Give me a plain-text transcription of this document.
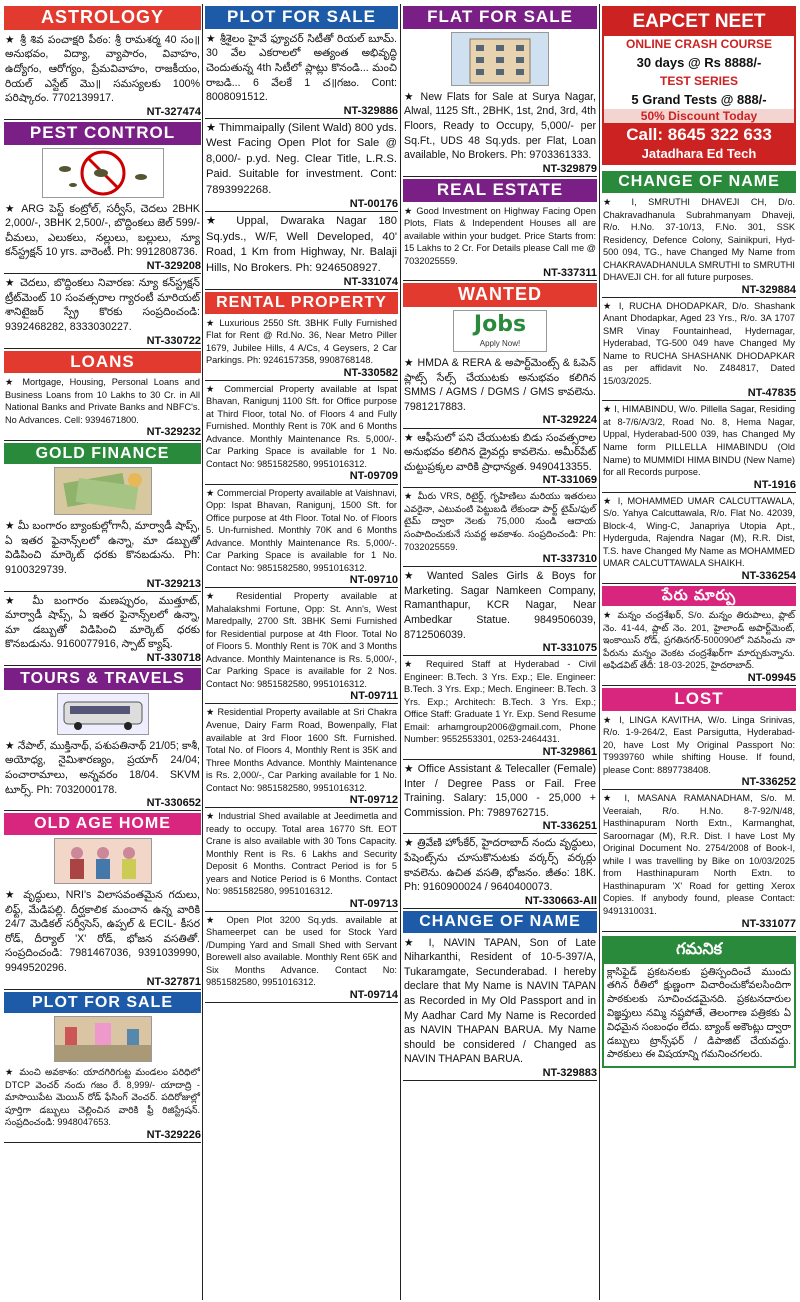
ASTROLOGY
★ శ్రీ శివ పంచాక్షరి పీఠం: శ్రీ రామశర్మ 40 సం॥ అనుభవం, విద్యా, వ్యాపారం, వివాహం, ఉద్యోగం, ఆరోగ్యం, ప్రేమవివాహం, రాజకీయం, రియల్ ఎస్టేట్ మొ॥ సమస్యలకు 100% పరిష్కారం. 7702139917.
NT-327474
PEST CONTROL
★ ARG పెస్ట్ కంట్రోల్, సర్వీస్, చెదలు 2BHK 2,000/-, 3BHK 2,500/-, బొద్దింకలు జెల్ 599/- చీమలు, ఎలుకలు, నల్లులు, బల్లులు, న్యూ కన్‌స్ట్రక్షన్ 10 yrs. వారెంటీ. Ph: 9912808736.
NT-329208
★ చెదలు, బొద్దింకలు నివారణ: న్యూ కన్‌స్ట్రక్షన్ ట్రీట్‌మెంట్ 10 సంవత్సరాల గ్యారంటీ మారియట్ శానిటైజర్ స్ప్రే కొరకు సంప్రదించండి: 9392468282, 8333030227.
NT-330722
LOANS
★ Mortgage, Housing, Personal Loans and Business Loans from 10 Lakhs to 30 Cr. in All National Banks and Private Banks and NBFC's. No Advances. Cell: 9394671800.
NT-329232
GOLD FINANCE
★ మీ బంగారం బ్యాంకుల్లోగానీ, మార్వాడీ షాప్స్, ఏ ఇతర ఫైనాన్స్‌లలో ఉన్నా, మా డబ్బుతో విడిపించి మార్కెట్ ధరకు కొనబడును. Ph: 9100329739.
NT-329213
★ మీ బంగారం మణప్పురం, ముత్తూట్, మార్వాడీ షాప్స్, ఏ ఇతర ఫైనాన్స్‌లలో ఉన్నా, మా డబ్బుతో విడిపించి మార్కెట్ ధరకు కొనబడును. 9160077916, స్పాట్ క్యాష్.
NT-330718
TOURS & TRAVELS
★ నేపాల్, ముక్తినాథ్, పశుపతినాథ్ 21/05; కాశీ, అయోధ్య, నైమిశారణ్యం, ప్రయాగ్ 24/04; పంచారామాలు, అన్నవరం 18/04. SKVM టూర్స్. Ph: 7032000178.
NT-330652
OLD AGE HOME
★ వృద్ధులు, NRI's విలాసవంతమైన గదులు, లిఫ్ట్, మేడిపల్లి. దీర్ఘకాలిక మంచాన ఉన్న వారికి 24/7 మెడికల్ సర్వీసెస్, ఉప్పల్ & ECIL- కీసర రోడ్, దీర్యాల్ 'X' రోడ్, భోజన వసతితో. సంప్రదించండి: 7981467036, 9391039990, 9949520296.
NT-327871
PLOT FOR SALE
★ మంచి అవకాశం: యాదగిరిగుట్ట మండలం పరిధిలో DTCP వెంచర్ నందు గజం రే. 8,999/- యాదాద్రి - మాసాయిపేట మెయిన్ రోడ్ ఫేసింగ్ వెంచర్. పదిరోజుల్లో పూర్తిగా డబ్బులు చెల్లించిన వారికి ఫ్రీ రిజిస్ట్రేషన్. సంప్రదించండి: 9948047653.
NT-329226
PLOT FOR SALE
★ శ్రీశైలం హైవే ఫ్యూచర్ సిటీతో రియల్ బూమ్. 30 వేల ఎకరాలలో అత్యంత అభివృద్ధి చెందుతున్న 4th సిటీలో ప్లాట్లు కొనండి... మంచి రాబడి... 6 వేలకే 1 చ॥గజం. Cont: 8008091512.
NT-329886
★ Thimmaipally (Silent Wald) 800 yds. West Facing Open Plot for Sale @ 8,000/- p.yd. Neg. Clear Title, L.R.S. Paid. Suitable for investment. Cont: 7893992268.
NT-00176
★ Uppal, Dwaraka Nagar 180 Sq.yds., W/F, Well Developed, 40' Road, 1 Km from Highway, Nr. Balaji Hills, No Brokers. Ph: 9246508927.
NT-331074
RENTAL PROPERTY
★ Luxurious 2550 Sft. 3BHK Fully Furnished Flat for Rent @ Rd.No. 36, Near Metro Piller 1679, Jubilee Hills, 4 A/Cs, 4 Geysers, 2 Car Parkings. Ph: 9246157358, 9908768148.
NT-330582
★ Commercial Property available at Ispat Bhavan, Ranigunj 1100 Sft. for Office purpose at Third Floor, total No. of Floors 4 and Fully Furnished. Monthly Rent is 70K and 6 Months Advance. Monthly Maintenance Rs. 5,000/-. Car Parking Space is available for 1 No. Contact No: 9851582580, 9951016312.
NT-09709
★ Commercial Property available at Vaishnavi, Opp: Ispat Bhavan, Ranigunj, 1500 Sft. for Office purpose at 4th Floor. Total No. of Floors 5. Un-furnished. Monthly 70K and 6 Months Advance. Monthly Maintenance Rs. 5,000/-. Car Parking Space is available for 1 No. Contact No: 9851582580, 9951016312.
NT-09710
★ Residential Property available at Mahalakshmi Fortune, Opp: St. Ann's, West Maredpally, 2700 Sft. 3BHK Semi Furnished for Residential purpose at 4th Floor. Total No of Floors 5. Monthly Rent is 70K and 3 Months Advance. Monthly Maintenance is Rs. 5,000/-, Car Parking Space is available for 2 Nos. Contact No: 9851582580, 9951016312.
NT-09711
★ Residential Property available at Sri Chakra Avenue, Dairy Farm Road, Bowenpally, Flat available at 3rd Floor 1600 Sft. Furnished. Total No. of Floors 4, Monthly Rent is 35K and Three Months Advance. Monthly Maintenance is Rs. 2,000/-, Car Parking available for 1 No. Contact No: 9851582580, 9951016312.
NT-09712
★ Industrial Shed available at Jeedimetla and ready to occupy. Total area 16770 Sft. EOT Crane is also available with 30 Tons Capacity. Monthly Rent is Rs. 6 Lakhs and Security Deposit 6 Months. Contract Period is for 5 years and Notice Period is 6 Months. Contact No: 9851582580, 9951016312.
NT-09713
★ Open Plot 3200 Sq.yds. available at Shameerpet can be used for Stock Yard /Dumping Yard and Small Shed with Servant Borewell also available. Monthly Rent 65K and Six Months Advance. Contact No: 9851582580, 9951016312.
NT-09714
FLAT FOR SALE
★ New Flats for Sale at Surya Nagar, Alwal, 1125 Sft., 2BHK, 1st, 2nd, 3rd, 4th Floors, Ready to Occupy, 5,000/- per Sq.Ft., UDS 48 Sq.yds. per Flat, Loan available, No Brokers. Ph: 9703361333.
NT-329879
REAL ESTATE
★ Good Investment on Highway Facing Open Plots, Flats & Independent Houses all are available within your budget. Price Starts from: 15 Lakhs to 2 Cr. For Details please Call me @ 7032025559.
NT-337311
WANTED
Jobs
Apply Now!
★ HMDA & RERA & అపార్ట్‌మెంట్స్ & ఓపెన్ ప్లాట్స్ సేల్స్ చేయుటకు అనుభవం కలిగిన SMMS / AGMS / DGMS / GMS కావలెను. 7981217883.
NT-329224
★ ఆఫీసులో పని చేయుటకు బిడు సంవత్సరాల అనుభవం కలిగిన డ్రైవర్లు కావలెను. అమీర్‌పేట్ చుట్టుప్రక్కల వారికి ప్రాధాన్యత. 9490413355.
NT-331069
★ మీరు VRS, రిటైర్డ్, గృహిణిలు మరియు ఇతరులు ఎవరైనా, ఎటువంటి పెట్టుబడి లేకుండా పార్ట్ టైమ్/ఫుల్ టైమ్ ద్వారా నెలకు 75,000 నుండి ఆదాయ సంపాదించుకునే సువర్ణ అవకాశం. సంప్రదించండి: Ph: 7032025559.
NT-337310
★ Wanted Sales Girls & Boys for Marketing. Sagar Namkeen Company, Ramanthapur, KCR Nagar, Near Ambedkar Statue. 9849506039, 8712506039.
NT-331075
★ Required Staff at Hyderabad - Civil Engineer: B.Tech. 3 Yrs. Exp.; Ele. Engineer: B.Tech. 3 Yrs. Exp.; Mech. Engineer: B.Tech. 3 Yrs. Exp.; Architech: B.Tech. 3 Yrs. Exp.; Office Staff: Graduate 1 Yr. Exp. Send Resume Email: arhamgroup2006@gmail.com, Phone Number: 9552553301, 0253-2464431.
NT-329861
★ Office Assistant & Telecaller (Female) Inter / Degree Pass or Fail. Free Training. Salary: 15,000 - 25,000 + Commission. Ph: 7989762715.
NT-336251
★ త్రివేణి హోంకేర్, హైదరాబాద్ నందు వృద్ధులు, పేషెంట్స్‌ను చూసుకొనుటకు వర్కర్స్ వర్కర్లు కావలెను. ఉచిత వసతి, భోజనం. జీతం: 18K. Ph: 9160900024 / 9640400073.
NT-330663-All
CHANGE OF NAME
★ I, NAVIN TAPAN, Son of Late Niharkanthi, Resident of 10-5-397/A, Tukaramgate, Secunderabad. I hereby declare that My Name is NAVIN TAPAN as Recorded in My Old Passport and in My Aadhar Card My Name is Recorded as NAVIN THAPAN BARUA. My Name should be considered / Changed as NAVIN THAPAN BARUA.
NT-329883
EAPCET NEET
ONLINE CRASH COURSE
30 days @ Rs 8888/-
TEST SERIES
5 Grand Tests @ 888/-
50% Discount Today
Call: 8645 322 633
Jatadhara Ed Tech
CHANGE OF NAME
★ I, SMRUTHI DHAVEJI CH, D/o. Chakravadhanula Subrahmanyam Dhaveji, R/o. H.No. 37-10/13, F.No. 301, SSK Residency, Defence Colony, Sainikpuri, Hyd-500 094, TG., have Changed My Name from CHAKRAVADHANULA SMRUTHI to SMRUTHI DHAVEJI CH. for all future purposes.
NT-329884
★ I, RUCHA DHODAPKAR, D/o. Shashank Anant Dhodapkar, Aged 23 Yrs., R/o. 3A 1707 SMR Vinay Fountainhead, Hydernagar, Hyderabad, TG-500 049 have Changed My Name to RUCHA SHASHANK DHODAPKAR as per affidavit No. Z484817, Dated 15/03/2025.
NT-47835
★ I, HIMABINDU, W/o. Pillella Sagar, Residing at 8-7/6/A/3/2, Road No. 8, Hema Nagar, Uppal, Hyderabad-500 039, has Changed My Name form PILLELLA HIMABINDU (Old Name) to MUMMIDI HIMA BINDU (New Name) for all Records purpose.
NT-1916
★ I, MOHAMMED UMAR CALCUTTAWALA, S/o. Yahya Calcuttawala, R/o. Flat No. 42039, Block-4, Wing-C, Janapriya Utopia Apt., Hyderguda, Rajendra Nagar (M), R.R. Dist, T.S. have Changed My Name as MOHAMMED UMAR CALCUTTAWALA SHAIKH.
NT-336254
పేరు మార్పు
★ మన్నం చంద్రశేఖర్, S/o. మన్నం తిరుపాలు, ప్లాట్ నెం. 41-44, ప్లాట్ నెం. 201, హైలాండ్ అపార్ట్‌మెంట్, ఇంకాయిస్ రోడ్, ప్రగతినగర్-500090లో నివసించు నా పేరును మన్నం వెంకట చంద్రశేఖర్‌గా మార్చుకున్నాను. అఫిడవిట్ తేదీ: 18-03-2025, హైదరాబాద్.
NT-09945
LOST
★ I, LINGA KAVITHA, W/o. Linga Srinivas, R/o. 1-9-264/2, East Parsigutta, Hyderabad-20, have Lost My Original Passport No: T9939760 while shifting House. If found, please Cont: 8897738408.
NT-336252
★ I, MASANA RAMANADHAM, S/o. M. Veeraiah, R/o. H.No. 8-7-92/N/48, Hasthinapuram North Extn., Karmanghat, Saroornagar (M), R.R. Dist. I have Lost My Original Document No. 2754/2008 of Book-I, while I was travelling by Bike on 10/03/2025 from Hasthinapuram North Extn. to Hasthinapuram 'X' Road for getting Xerox Copies. If anybody found, please Contact: 9491310031.
NT-331077
గమనిక
క్లాసిఫైడ్ ప్రకటనలకు ప్రతిస్పందించే ముందు తగిన రీతిలో క్షుణ్ణంగా విచారించుకోవలసిందిగా పాఠకులకు సూచించడమైనది. ప్రకటనదారుల విజ్ఞప్తులు నమ్మి నష్టపోతే, తెలంగాణ పత్రికకు ఏ విధమైన సంబంధం లేదు. బ్యాంక్ అకౌంట్లు ద్వారా డబ్బులు ట్రాన్స్‌ఫర్ / డిపాజిట్ చేయవద్దు. పాఠకులు ఈ విషయాన్ని గమనించగలరు.
